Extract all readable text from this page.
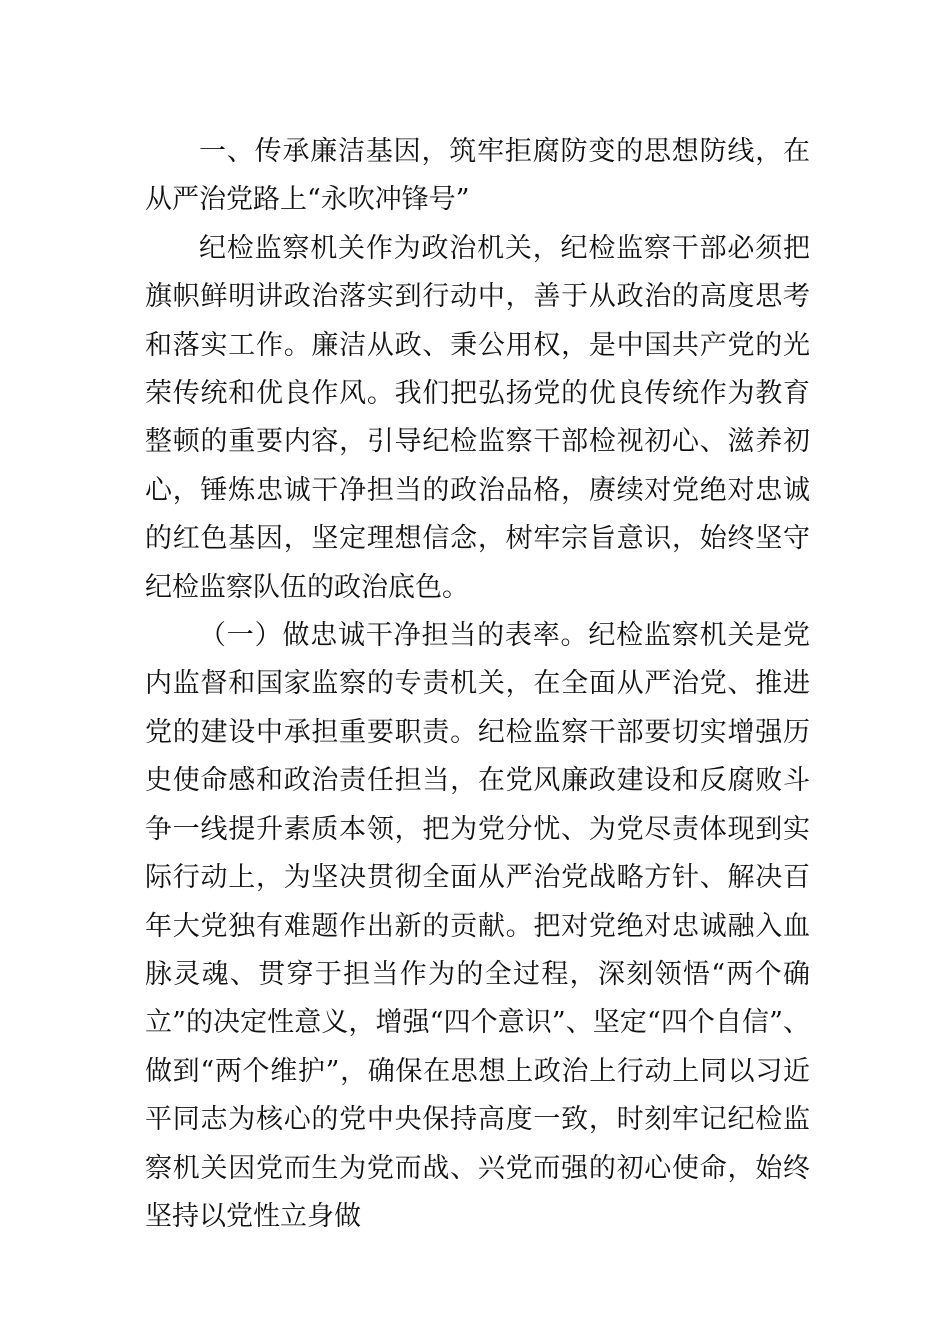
一、传承廉洁基因，筑牢拒腐防变的思想防线，在从严治党路上“永吹冲锋号”

纪检监察机关作为政治机关，纪检监察干部必须把旗帜鲜明讲政治落实到行动中，善于从政治的高度思考和落实工作。廉洁从政、秉公用权，是中国共产党的光荣传统和优良作风。我们把弘扬党的优良传统作为教育整顿的重要内容，引导纪检监察干部检视初心、滋养初心，锤炼忠诚干净担当的政治品格，赓续对党绝对忠诚的红色基因，坚定理想信念，树牢宗旨意识，始终坚守纪检监察队伍的政治底色。

（一）做忠诚干净担当的表率。纪检监察机关是党内监督和国家监察的专责机关，在全面从严治党、推进党的建设中承担重要职责。纪检监察干部要切实增强历史使命感和政治责任担当，在党风廉政建设和反腐败斗争一线提升素质本领，把为党分忧、为党尽责体现到实际行动上，为坚决贯彻全面从严治党战略方针、解决百年大党独有难题作出新的贡献。把对党绝对忠诚融入血脉灵魂、贯穿于担当作为的全过程，深刻领悟“两个确立”的决定性意义，增强“四个意识”、坚定“四个自信”、做到“两个维护”，确保在思想上政治上行动上同以习近平同志为核心的党中央保持高度一致，时刻牢记纪检监察机关因党而生为党而战、兴党而强的初心使命，始终坚持以党性立身做
